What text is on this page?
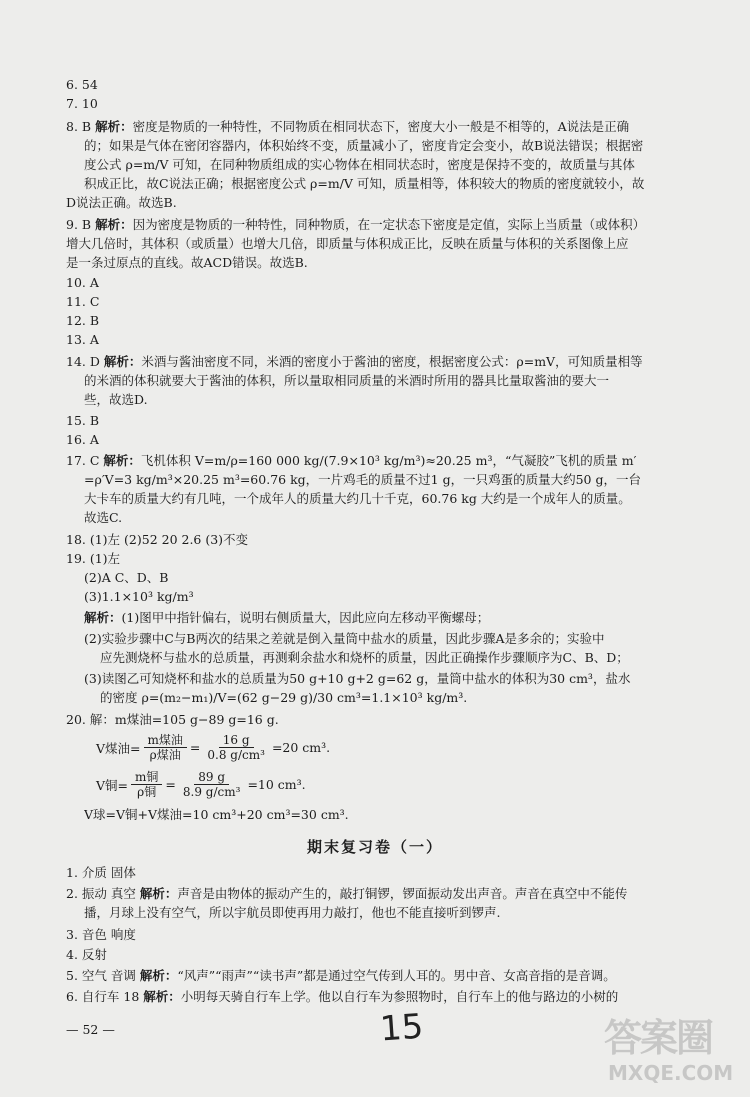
6. 54
7. 10
8. B 解析：密度是物质的一种特性，不同物质在相同状态下，密度大小一般是不相等的，A说法是正确
的；如果是气体在密闭容器内，体积始终不变，质量减小了，密度肯定会变小，故B说法错误；根据密
度公式 ρ=m/V 可知，在同种物质组成的实心物体在相同状态时，密度是保持不变的，故质量与其体
积成正比，故C说法正确；根据密度公式 ρ=m/V 可知，质量相等，体积较大的物质的密度就较小，故
D说法正确。故选B.
9. B 解析：因为密度是物质的一种特性，同种物质，在一定状态下密度是定值，实际上当质量（或体积）
增大几倍时，其体积（或质量）也增大几倍，即质量与体积成正比，反映在质量与体积的关系图像上应
是一条过原点的直线。故ACD错误。故选B.
10. A
11. C
12. B
13. A
14. D 解析：米酒与酱油密度不同，米酒的密度小于酱油的密度，根据密度公式：ρ=mV，可知质量相等
的米酒的体积就要大于酱油的体积，所以量取相同质量的米酒时所用的器具比量取酱油的要大一
些，故选D.
15. B
16. A
17. C 解析：飞机体积 V=m/ρ=160 000 kg/(7.9×10³ kg/m³)≈20.25 m³，“气凝胶”飞机的质量 m′
=ρ′V=3 kg/m³×20.25 m³=60.76 kg，一片鸡毛的质量不过1 g，一只鸡蛋的质量大约50 g，一台
大卡车的质量大约有几吨，一个成年人的质量大约几十千克，60.76 kg 大约是一个成年人的质量。
故选C.
18. (1)左 (2)52 20 2.6 (3)不变
19. (1)左
(2)A C、D、B
(3)1.1×10³ kg/m³
解析：(1)图甲中指针偏右，说明右侧质量大，因此应向左移动平衡螺母；
(2)实验步骤中C与B两次的结果之差就是倒入量筒中盐水的质量，因此步骤A是多余的；实验中
应先测烧杯与盐水的总质量，再测剩余盐水和烧杯的质量，因此正确操作步骤顺序为C、B、D；
(3)读图乙可知烧杯和盐水的总质量为50 g+10 g+2 g=62 g，量筒中盐水的体积为30 cm³，盐水
的密度 ρ=(m₂−m₁)/V=(62 g−29 g)/30 cm³=1.1×10³ kg/m³.
20. 解：m煤油=105 g−89 g=16 g.
V煤油= $\frac{\text{m煤油}}{\text{ρ煤油}} = \frac{16 g}{\text{0.8 g/cm³}} =20$ cm³.
V铜= $\frac{\text{m铜}}{\text{ρ铜}} = \frac{89 g}{\text{8.9 g/cm³}} =10$ cm³.
V球=V铜+V煤油=10 cm³+20 cm³=30 cm³.
期末复习卷（一）
1. 介质 固体
2. 振动 真空 解析：声音是由物体的振动产生的，敲打铜锣，锣面振动发出声音。声音在真空中不能传
播，月球上没有空气，所以宇航员即使再用力敲打，他也不能直接听到锣声.
3. 音色 响度
4. 反射
5. 空气 音调 解析：“风声”“雨声”“读书声”都是通过空气传到人耳的。男中音、女高音指的是音调。
6. 自行车 18 解析：小明每天骑自行车上学。他以自行车为参照物时，自行车上的他与路边的小树的
— 52 —	15	答案圈
MXQE.COM
